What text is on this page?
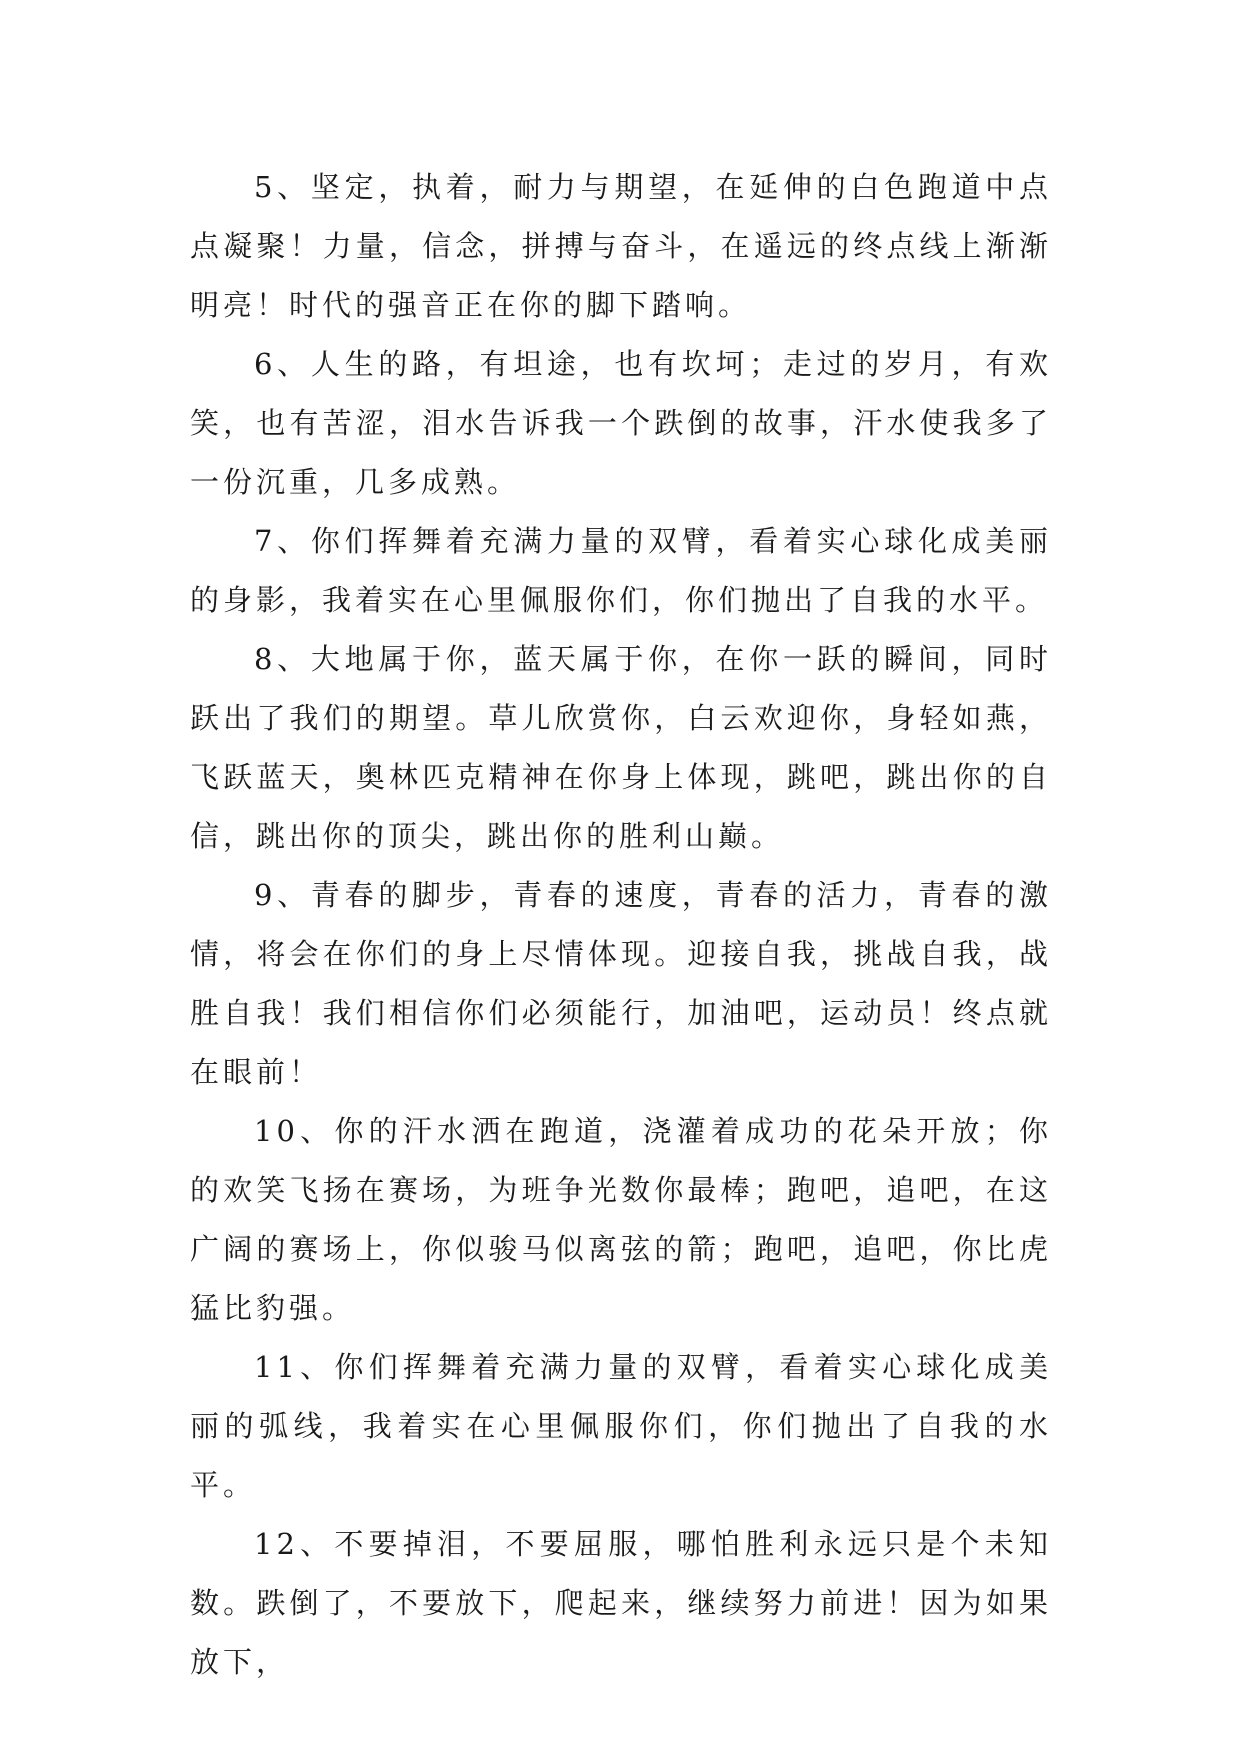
5、坚定，执着，耐力与期望，在延伸的白色跑道中点点凝聚！力量，信念，拼搏与奋斗，在遥远的终点线上渐渐明亮！时代的强音正在你的脚下踏响。

6、人生的路，有坦途，也有坎坷；走过的岁月，有欢笑，也有苦涩，泪水告诉我一个跌倒的故事，汗水使我多了一份沉重，几多成熟。

7、你们挥舞着充满力量的双臂，看着实心球化成美丽的身影，我着实在心里佩服你们，你们抛出了自我的水平。

8、大地属于你，蓝天属于你，在你一跃的瞬间，同时跃出了我们的期望。草儿欣赏你，白云欢迎你，身轻如燕，飞跃蓝天，奥林匹克精神在你身上体现，跳吧，跳出你的自信，跳出你的顶尖，跳出你的胜利山巅。

9、青春的脚步，青春的速度，青春的活力，青春的激情，将会在你们的身上尽情体现。迎接自我，挑战自我，战胜自我！我们相信你们必须能行，加油吧，运动员！终点就在眼前！

10、你的汗水洒在跑道，浇灌着成功的花朵开放；你的欢笑飞扬在赛场，为班争光数你最棒；跑吧，追吧，在这广阔的赛场上，你似骏马似离弦的箭；跑吧，追吧，你比虎猛比豹强。

11、你们挥舞着充满力量的双臂，看着实心球化成美丽的弧线，我着实在心里佩服你们，你们抛出了自我的水平。

12、不要掉泪，不要屈服，哪怕胜利永远只是个未知数。跌倒了，不要放下，爬起来，继续努力前进！因为如果放下，
